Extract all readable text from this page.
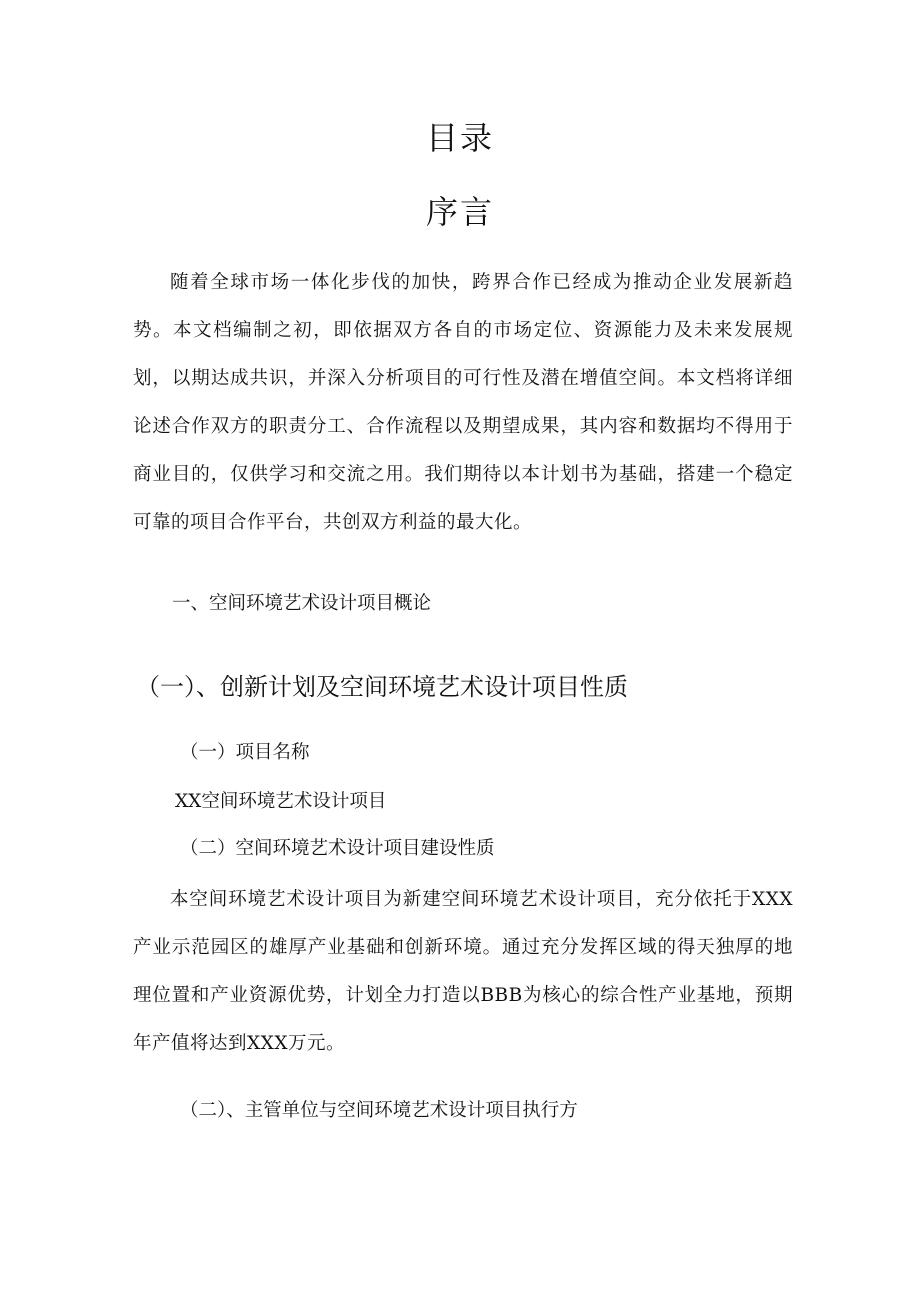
目录
序言
随着全球市场一体化步伐的加快，跨界合作已经成为推动企业发展新趋势。本文档编制之初，即依据双方各自的市场定位、资源能力及未来发展规划，以期达成共识，并深入分析项目的可行性及潜在增值空间。本文档将详细论述合作双方的职责分工、合作流程以及期望成果，其内容和数据均不得用于商业目的，仅供学习和交流之用。我们期待以本计划书为基础，搭建一个稳定可靠的项目合作平台，共创双方利益的最大化。
一、空间环境艺术设计项目概论
（一）、创新计划及空间环境艺术设计项目性质
（一）项目名称
XX空间环境艺术设计项目
（二）空间环境艺术设计项目建设性质
本空间环境艺术设计项目为新建空间环境艺术设计项目，充分依托于XXX产业示范园区的雄厚产业基础和创新环境。通过充分发挥区域的得天独厚的地理位置和产业资源优势，计划全力打造以BBB为核心的综合性产业基地，预期年产值将达到XXX万元。
（二）、主管单位与空间环境艺术设计项目执行方
